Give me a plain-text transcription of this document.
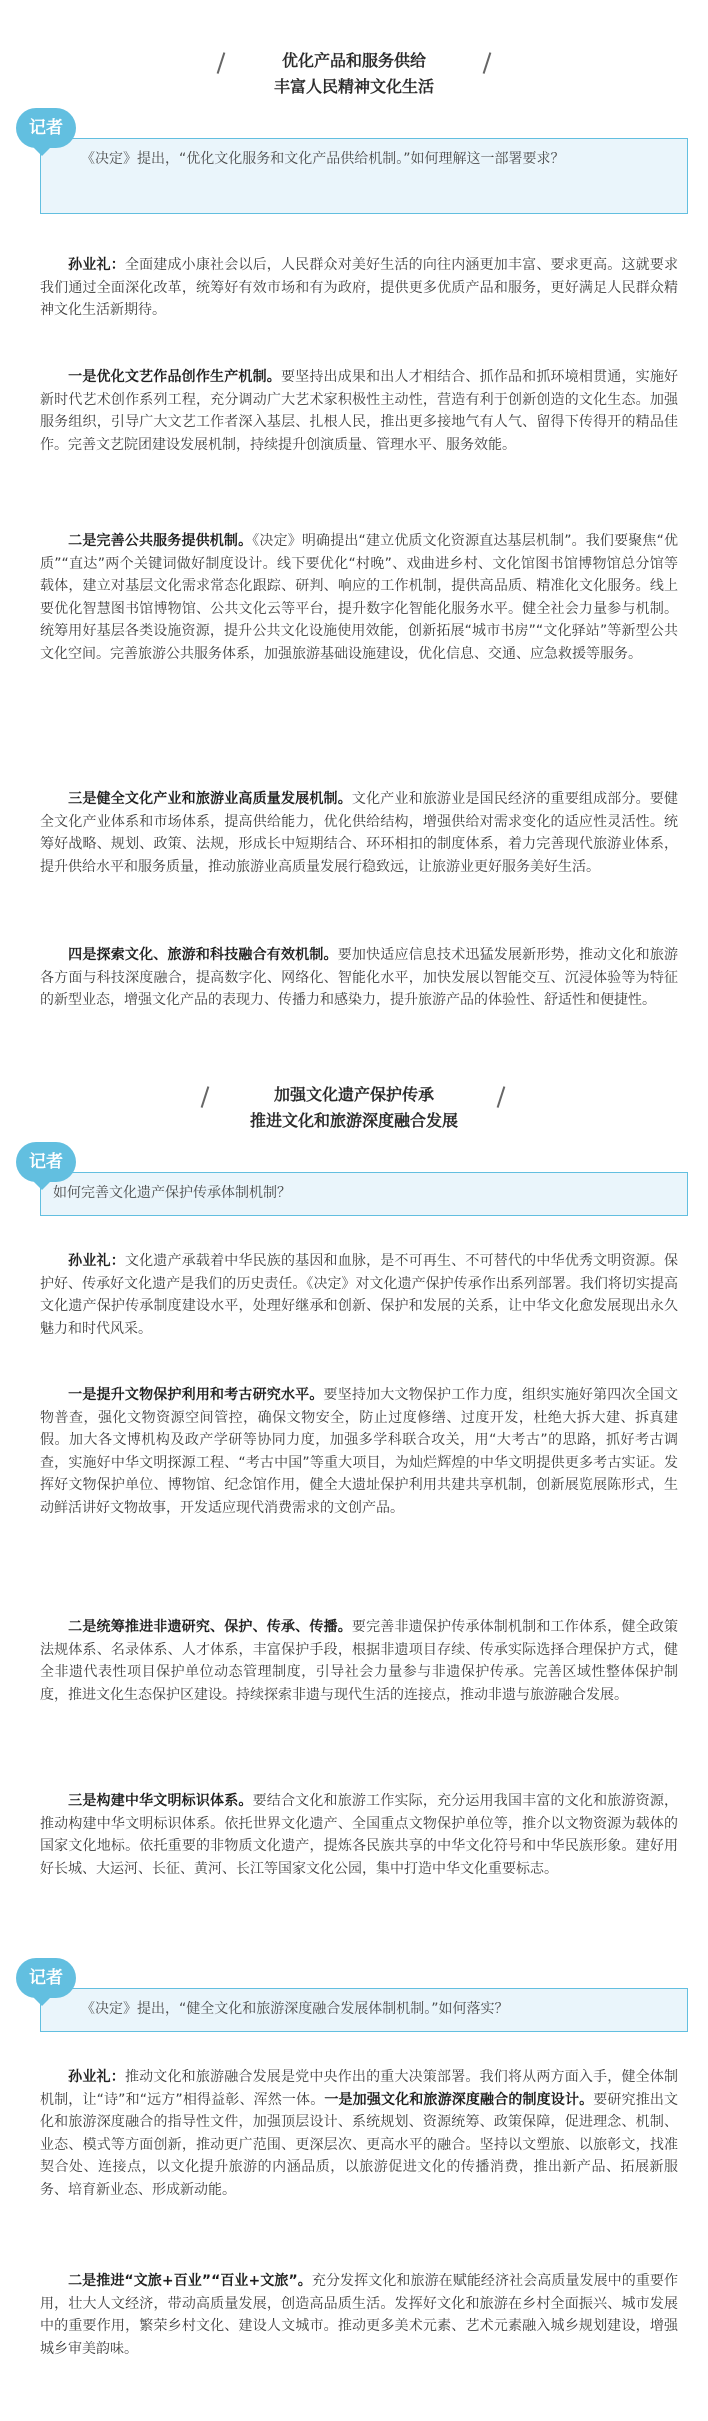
优化产品和服务供给
丰富人民精神文化生活
《决定》提出，“优化文化服务和文化产品供给机制。”如何理解这一部署要求？
记者
孙业礼：全面建成小康社会以后，人民群众对美好生活的向往内涵更加丰富、要求更高。这就要求我们通过全面深化改革，统筹好有效市场和有为政府，提供更多优质产品和服务，更好满足人民群众精神文化生活新期待。
一是优化文艺作品创作生产机制。要坚持出成果和出人才相结合、抓作品和抓环境相贯通，实施好新时代艺术创作系列工程，充分调动广大艺术家积极性主动性，营造有利于创新创造的文化生态。加强服务组织，引导广大文艺工作者深入基层、扎根人民，推出更多接地气有人气、留得下传得开的精品佳作。完善文艺院团建设发展机制，持续提升创演质量、管理水平、服务效能。
二是完善公共服务提供机制。《决定》明确提出“建立优质文化资源直达基层机制”。我们要聚焦“优质”“直达”两个关键词做好制度设计。线下要优化“村晚”、戏曲进乡村、文化馆图书馆博物馆总分馆等载体，建立对基层文化需求常态化跟踪、研判、响应的工作机制，提供高品质、精准化文化服务。线上要优化智慧图书馆博物馆、公共文化云等平台，提升数字化智能化服务水平。健全社会力量参与机制。统筹用好基层各类设施资源，提升公共文化设施使用效能，创新拓展“城市书房”“文化驿站”等新型公共文化空间。完善旅游公共服务体系，加强旅游基础设施建设，优化信息、交通、应急救援等服务。
三是健全文化产业和旅游业高质量发展机制。文化产业和旅游业是国民经济的重要组成部分。要健全文化产业体系和市场体系，提高供给能力，优化供给结构，增强供给对需求变化的适应性灵活性。统筹好战略、规划、政策、法规，形成长中短期结合、环环相扣的制度体系，着力完善现代旅游业体系，提升供给水平和服务质量，推动旅游业高质量发展行稳致远，让旅游业更好服务美好生活。
四是探索文化、旅游和科技融合有效机制。要加快适应信息技术迅猛发展新形势，推动文化和旅游各方面与科技深度融合，提高数字化、网络化、智能化水平，加快发展以智能交互、沉浸体验等为特征的新型业态，增强文化产品的表现力、传播力和感染力，提升旅游产品的体验性、舒适性和便捷性。
加强文化遗产保护传承
推进文化和旅游深度融合发展
如何完善文化遗产保护传承体制机制？
记者
孙业礼：文化遗产承载着中华民族的基因和血脉，是不可再生、不可替代的中华优秀文明资源。保护好、传承好文化遗产是我们的历史责任。《决定》对文化遗产保护传承作出系列部署。我们将切实提高文化遗产保护传承制度建设水平，处理好继承和创新、保护和发展的关系，让中华文化愈发展现出永久魅力和时代风采。
一是提升文物保护利用和考古研究水平。要坚持加大文物保护工作力度，组织实施好第四次全国文物普查，强化文物资源空间管控，确保文物安全，防止过度修缮、过度开发，杜绝大拆大建、拆真建假。加大各文博机构及政产学研等协同力度，加强多学科联合攻关，用“大考古”的思路，抓好考古调查，实施好中华文明探源工程、“考古中国”等重大项目，为灿烂辉煌的中华文明提供更多考古实证。发挥好文物保护单位、博物馆、纪念馆作用，健全大遗址保护利用共建共享机制，创新展览展陈形式，生动鲜活讲好文物故事，开发适应现代消费需求的文创产品。
二是统筹推进非遗研究、保护、传承、传播。要完善非遗保护传承体制机制和工作体系，健全政策法规体系、名录体系、人才体系，丰富保护手段，根据非遗项目存续、传承实际选择合理保护方式，健全非遗代表性项目保护单位动态管理制度，引导社会力量参与非遗保护传承。完善区域性整体保护制度，推进文化生态保护区建设。持续探索非遗与现代生活的连接点，推动非遗与旅游融合发展。
三是构建中华文明标识体系。要结合文化和旅游工作实际，充分运用我国丰富的文化和旅游资源，推动构建中华文明标识体系。依托世界文化遗产、全国重点文物保护单位等，推介以文物资源为载体的国家文化地标。依托重要的非物质文化遗产，提炼各民族共享的中华文化符号和中华民族形象。建好用好长城、大运河、长征、黄河、长江等国家文化公园，集中打造中华文化重要标志。
《决定》提出，“健全文化和旅游深度融合发展体制机制。”如何落实？
记者
孙业礼：推动文化和旅游融合发展是党中央作出的重大决策部署。我们将从两方面入手，健全体制机制，让“诗”和“远方”相得益彰、浑然一体。一是加强文化和旅游深度融合的制度设计。要研究推出文化和旅游深度融合的指导性文件，加强顶层设计、系统规划、资源统筹、政策保障，促进理念、机制、业态、模式等方面创新，推动更广范围、更深层次、更高水平的融合。坚持以文塑旅、以旅彰文，找准契合处、连接点，以文化提升旅游的内涵品质，以旅游促进文化的传播消费，推出新产品、拓展新服务、培育新业态、形成新动能。
二是推进“文旅+百业”“百业+文旅”。充分发挥文化和旅游在赋能经济社会高质量发展中的重要作用，壮大人文经济，带动高质量发展，创造高品质生活。发挥好文化和旅游在乡村全面振兴、城市发展中的重要作用，繁荣乡村文化、建设人文城市。推动更多美术元素、艺术元素融入城乡规划建设，增强城乡审美韵味。
